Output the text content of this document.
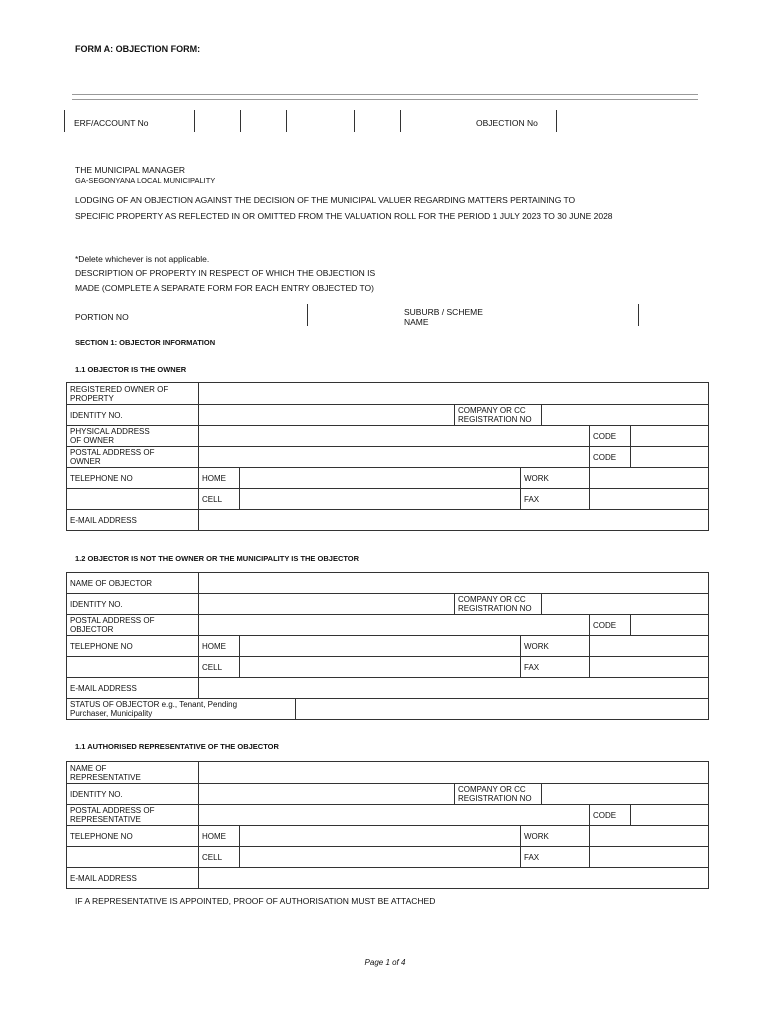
FORM A: OBJECTION FORM:
ERF/ACCOUNT No	OBJECTION No
THE MUNICIPAL MANAGER
GA-SEGONYANA LOCAL MUNICIPALITY
LODGING OF AN OBJECTION AGAINST THE DECISION OF THE MUNICIPAL VALUER REGARDING MATTERS PERTAINING TO
SPECIFIC PROPERTY AS REFLECTED IN OR OMITTED FROM THE VALUATION ROLL FOR THE PERIOD 1 JULY 2023 TO 30 JUNE 2028
*Delete whichever is not applicable.
DESCRIPTION OF PROPERTY IN RESPECT OF WHICH THE OBJECTION IS
MADE (COMPLETE A SEPARATE FORM FOR EACH ENTRY OBJECTED TO)
PORTION NO	SUBURB / SCHEME
NAME
SECTION 1: OBJECTOR INFORMATION
1.1 OBJECTOR IS THE OWNER
REGISTERED OWNER OF
PROPERTY							
IDENTITY NO.			COMPANY OR CC
REGISTRATION NO				
PHYSICAL ADDRESS
OF OWNER						CODE	
POSTAL ADDRESS OF
OWNER						CODE	
TELEPHONE NO	HOME			WORK			
	CELL			FAX			
E-MAIL ADDRESS							
1.2 OBJECTOR IS NOT THE OWNER OR THE MUNICIPALITY IS THE OBJECTOR
NAME OF OBJECTOR								
IDENTITY NO.				COMPANY OR CC
REGISTRATION NO				
POSTAL ADDRESS OF
OBJECTOR							CODE	
TELEPHONE NO	HOME				WORK			
	CELL				FAX			
E-MAIL ADDRESS								
STATUS OF OBJECTOR e.g., Tenant, Pending
Purchaser, Municipality								
1.1 AUTHORISED REPRESENTATIVE OF THE OBJECTOR
NAME OF
REPRESENTATIVE							
IDENTITY NO.			COMPANY OR CC
REGISTRATION NO				
POSTAL ADDRESS OF
REPRESENTATIVE						CODE	
TELEPHONE NO	HOME			WORK			
	CELL			FAX			
E-MAIL ADDRESS							
IF A REPRESENTATIVE IS APPOINTED, PROOF OF AUTHORISATION MUST BE ATTACHED
Page 1 of 4
